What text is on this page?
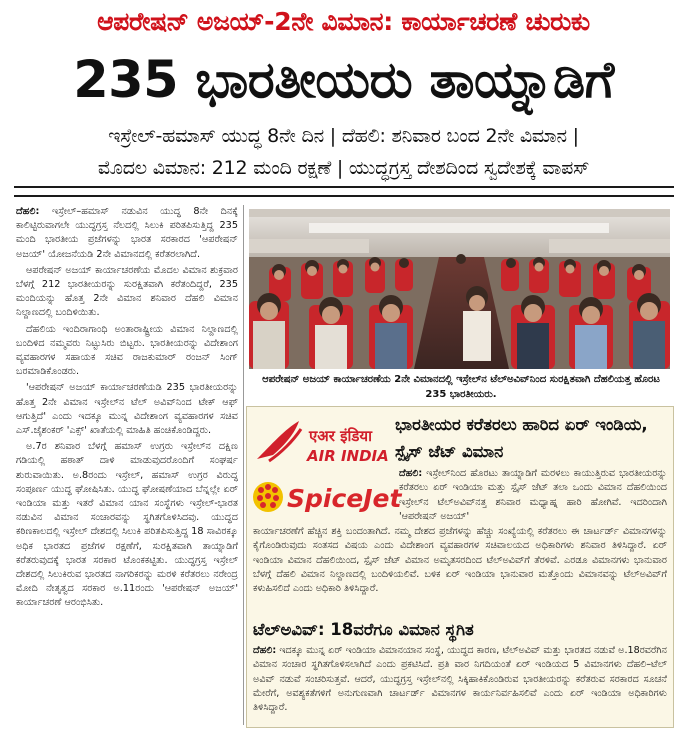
ಆಪರೇಷನ್ ಅಜಯ್‌-2ನೇ ವಿಮಾನ: ಕಾರ್ಯಾಚರಣೆ ಚುರುಕು
235 ಭಾರತೀಯರು ತಾಯ್ನಾಡಿಗೆ
ಇಸ್ರೇಲ್‌-ಹಮಾಸ್‌ ಯುದ್ಧ 8ನೇ ದಿನ | ದೆಹಲಿ: ಶನಿವಾರ ಬಂದ 2ನೇ ವಿಮಾನ |
ಮೊದಲ ವಿಮಾನ: 212 ಮಂದಿ ರಕ್ಷಣೆ | ಯುದ್ಧಗ್ರಸ್ತ ದೇಶದಿಂದ ಸ್ವದೇಶಕ್ಕೆ ವಾಪಸ್‌

ದೆಹಲಿ: ಇಸ್ರೇಲ್‌–ಹಮಾಸ್‌ ನಡುವಿನ ಯುದ್ಧ 8ನೇ ದಿನಕ್ಕೆ ಕಾಲಿಟ್ಟಿರುವಾಗಲೇ ಯುದ್ಧಗ್ರಸ್ತ ನೆಲದಲ್ಲಿ ಸಿಲುಕಿ ಪರಿತಪಿಸುತ್ತಿದ್ದ 235 ಮಂದಿ ಭಾರತೀಯ ಪ್ರಜೆಗಳನ್ನು ಭಾರತ ಸರಕಾರದ 'ಆಪರೇಷನ್‌ ಅಜಯ್‌' ಯೋಜನೆಯಡಿ 2ನೇ ವಿಮಾನದಲ್ಲಿ ಕರೆತರಲಾಗಿದೆ.

ಆಪರೇಷನ್‌ ಅಜಯ್‌ ಕಾರ್ಯಾಚರಣೆಯ ಮೊದಲ ವಿಮಾನ ಶುಕ್ರವಾರ ಬೆಳಗ್ಗೆ 212 ಭಾರತೀಯರನ್ನು ಸುರಕ್ಷಿತವಾಗಿ ಕರೆತಂದಿದ್ದರೆ, 235 ಮಂದಿಯನ್ನು ಹೊತ್ತ 2ನೇ ವಿಮಾನ ಶನಿವಾರ ದೆಹಲಿ ವಿಮಾನ ನಿಲ್ದಾಣದಲ್ಲಿ ಬಂದಿಳಿಯಿತು.

ದೆಹಲಿಯ ಇಂದಿರಾಗಾಂಧಿ ಅಂತಾರಾಷ್ಟ್ರೀಯ ವಿಮಾನ ನಿಲ್ದಾಣದಲ್ಲಿ ಬಂದಿಳಿದ ನಮ್ಮವರು ನಿಟ್ಟುಸಿರು ಬಿಟ್ಟರು. ಭಾರತೀಯರನ್ನು ವಿದೇಶಾಂಗ ವ್ಯವಹಾರಗಳ ಸಹಾಯಕ ಸಚಿವ ರಾಜಕುಮಾರ್‌ ರಂಜನ್‌ ಸಿಂಗ್‌ ಬರಮಾಡಿಕೊಂಡರು.

'ಆಪರೇಷನ್‌ ಅಜಯ್‌ ಕಾರ್ಯಾಚರಣೆಯಡಿ 235 ಭಾರತೀಯರನ್ನು ಹೊತ್ತ 2ನೇ ವಿಮಾನ ಇಸ್ರೇಲ್‌ನ ಟೆಲ್‌ ಅವಿವ್‌ನಿಂದ ಟೇಕ್‌ ಆಫ್‌ ಆಗುತ್ತಿದೆ' ಎಂದು ಇದಕ್ಕೂ ಮುನ್ನ ವಿದೇಶಾಂಗ ವ್ಯವಹಾರಗಳ ಸಚಿವ ಎಸ್‌.ಜೈಶಂಕರ್‌ 'ಎಕ್ಸ್‌' ಖಾತೆಯಲ್ಲಿ ಮಾಹಿತಿ ಹಂಚಿಕೊಂಡಿದ್ದರು.

ಅ.7ರ ಶನಿವಾರ ಬೆಳಗ್ಗೆ ಹಮಾಸ್‌ ಉಗ್ರರು ಇಸ್ರೇಲ್‌ನ ದಕ್ಷಿಣ ಗಡಿಯಲ್ಲಿ ಹಠಾತ್‌ ದಾಳಿ ಮಾಡುವುದರೊಂದಿಗೆ ಸಂಘರ್ಷ ಶುರುವಾಯಿತು. ಅ.8ರಂದು ಇಸ್ರೇಲ್‌, ಹಮಾಸ್‌ ಉಗ್ರರ ವಿರುದ್ಧ ಸಂಪೂರ್ಣ ಯುದ್ಧ ಘೋಷಿಸಿತು. ಯುದ್ಧ ಘೋಷಣೆಯಾದ ಬೆನ್ನಲ್ಲೇ ಏರ್‌ ಇಂಡಿಯಾ ಮತ್ತು ಇತರೆ ವಿಮಾನ ಯಾನ ಸಂಸ್ಥೆಗಳು ಇಸ್ರೇಲ್‌-ಭಾರತ ನಡುವಿನ ವಿಮಾನ ಸಂಚಾರವನ್ನು ಸ್ಥಗಿತಗೊಳಿಸಿದವು. ಯುದ್ಧದ ಕಠಿಣಕಾಲದಲ್ಲಿ ಇಸ್ರೇಲ್‌ ದೇಶದಲ್ಲಿ ಸಿಲುಕಿ ಪರಿತಪಿಸುತ್ತಿದ್ದ 18 ಸಾವಿರಕ್ಕೂ ಅಧಿಕ ಭಾರತದ ಪ್ರಜೆಗಳ ರಕ್ಷಣೆಗೆ, ಸುರಕ್ಷಿತವಾಗಿ ತಾಯ್ನಾಡಿಗೆ ಕರೆತರುವುದಕ್ಕೆ ಭಾರತ ಸರಕಾರ ಟೊಂಕಕಟ್ಟಿತು. ಯುದ್ಧಗ್ರಸ್ತ ಇಸ್ರೇಲ್‌ ದೇಶದಲ್ಲಿ ಸಿಲುಕಿರುವ ಭಾರತದ ನಾಗರಿಕರನ್ನು ಮರಳಿ ಕರೆತರಲು ನರೇಂದ್ರ ಮೋದಿ ನೇತೃತ್ವದ ಸರಕಾರ ಅ.11ರಂದು 'ಆಪರೇಷನ್‌ ಅಜಯ್‌' ಕಾರ್ಯಾಚರಣೆ ಆರಂಭಿಸಿತು.

ಆಪರೇಷನ್‌ ಅಜಯ್‌ ಕಾರ್ಯಾಚರಣೆಯ 2ನೇ ವಿಮಾನದಲ್ಲಿ ಇಸ್ರೇಲ್‌ನ ಟೆಲ್‌ಅವಿವ್‌ನಿಂದ ಸುರಕ್ಷಿತವಾಗಿ ದೆಹಲಿಯತ್ತ ಹೊರಟ 235 ಭಾರತೀಯರು.
ಭಾರತೀಯರ ಕರೆತರಲು ಹಾರಿದ ಏರ್‌ ಇಂಡಿಯ, ಸ್ಪೈಸ್‌ ಜೆಟ್‌ ವಿಮಾನ
एअर इंडिया
AIR INDIA
SpiceJet
ದೆಹಲಿ: ಇಸ್ರೇಲ್‌ನಿಂದ ಹೊರಟು ತಾಯ್ನಾಡಿಗೆ ಮರಳಲು ಕಾಯುತ್ತಿರುವ ಭಾರತೀಯರನ್ನು ಕರೆತರಲು ಏರ್‌ ಇಂಡಿಯಾ ಮತ್ತು ಸ್ಪೈಸ್‌ ಜೆಟ್‌ ತಲಾ ಒಂದು ವಿಮಾನ ದೆಹಲಿಯಿಂದ ಇಸ್ರೇಲ್‌ನ ಟೆಲ್‌ಅವಿವ್‌ನತ್ತ ಶನಿವಾರ ಮಧ್ಯಾಹ್ನ ಹಾರಿ ಹೋಗಿವೆ. ಇದರಿಂದಾಗಿ 'ಆಪರೇಷನ್‌ ಅಜಯ್‌'
ಕಾರ್ಯಾಚರಣೆಗೆ ಹೆಚ್ಚಿನ ಶಕ್ತಿ ಬಂದಂತಾಗಿದೆ. ನಮ್ಮ ದೇಶದ ಪ್ರಜೆಗಳನ್ನು ಹೆಚ್ಚು ಸಂಖ್ಯೆಯಲ್ಲಿ ಕರೆತರಲು ಈ ಚಾರ್ಟರ್ಡ್‌ ವಿಮಾನಗಳನ್ನು ಕೈಗೊಂಡಿರುವುದು ಸಂತಸದ ವಿಷಯ ಎಂದು ವಿದೇಶಾಂಗ ವ್ಯವಹಾರಗಳ ಸಚಿವಾಲಯದ ಅಧಿಕಾರಿಗಳು ಶನಿವಾರ ತಿಳಿಸಿದ್ದಾರೆ. ಏರ್‌ ಇಂಡಿಯಾ ವಿಮಾನ ದೆಹಲಿಯಿಂದ, ಸ್ಪೈಸ್‌ ಜೆಟ್‌ ವಿಮಾನ ಅಮೃತಸರದಿಂದ ಟೆಲ್‌ಅವಿವ್‌ಗೆ ತೆರಳಿವೆ. ಎರಡೂ ವಿಮಾನಗಳು ಭಾನುವಾರ ಬೆಳಗ್ಗೆ ದೆಹಲಿ ವಿಮಾನ ನಿಲ್ದಾಣದಲ್ಲಿ ಬಂದಿಳಿಯಲಿವೆ. ಬಳಿಕ ಏರ್‌ ಇಂಡಿಯಾ ಭಾನುವಾರ ಮತ್ತೊಂದು ವಿಮಾನವನ್ನು ಟೆಲ್‌ಅವಿವ್‌ಗೆ ಕಳುಹಿಸಲಿದೆ ಎಂದು ಅಧಿಕಾರಿ ತಿಳಿಸಿದ್ದಾರೆ.
ಟೆಲ್‌ಅವಿವ್‌: 18ವರೆಗೂ ವಿಮಾನ ಸ್ಥಗಿತ
ದೆಹಲಿ: ಇದಕ್ಕೂ ಮುನ್ನ ಏರ್‌ ಇಂಡಿಯಾ ವಿಮಾನಯಾನ ಸಂಸ್ಥೆ, ಯುದ್ಧದ ಕಾರಣ, ಟೆಲ್‌ಅವಿವ್‌ ಮತ್ತು ಭಾರತದ ನಡುವೆ ಅ.18ರವರೆಗಿನ ವಿಮಾನ ಸಂಚಾರ ಸ್ಥಗಿತಗೊಳಿಸಲಾಗಿದೆ ಎಂದು ಪ್ರಕಟಿಸಿದೆ. ಪ್ರತಿ ವಾರ ನಿಗದಿಯಂತೆ ಏರ್‌ ಇಂಡಿಯದ 5 ವಿಮಾನಗಳು ದೆಹಲಿ–ಟೆಲ್‌ ಅವಿವ್‌ ನಡುವೆ ಸಂಚರಿಸುತ್ತವೆ. ಆದರೆ, ಯುದ್ಧಗ್ರಸ್ತ ಇಸ್ರೇಲ್‌ನಲ್ಲಿ ಸಿಕ್ಕಿಹಾಕಿಕೊಂಡಿರುವ ಭಾರತೀಯರನ್ನು ಕರೆತರುವ ಸರಕಾರದ ಸೂಚನೆ ಮೇರೆಗೆ, ಅವಶ್ಯಕತೆಗಳಿಗೆ ಅನುಗುಣವಾಗಿ ಚಾರ್ಟರ್ಡ್‌ ವಿಮಾನಗಳ ಕಾರ್ಯನಿರ್ವಹಿಸಲಿವೆ ಎಂದು ಏರ್‌ ಇಂಡಿಯಾ ಅಧಿಕಾರಿಗಳು ತಿಳಿಸಿದ್ದಾರೆ.
